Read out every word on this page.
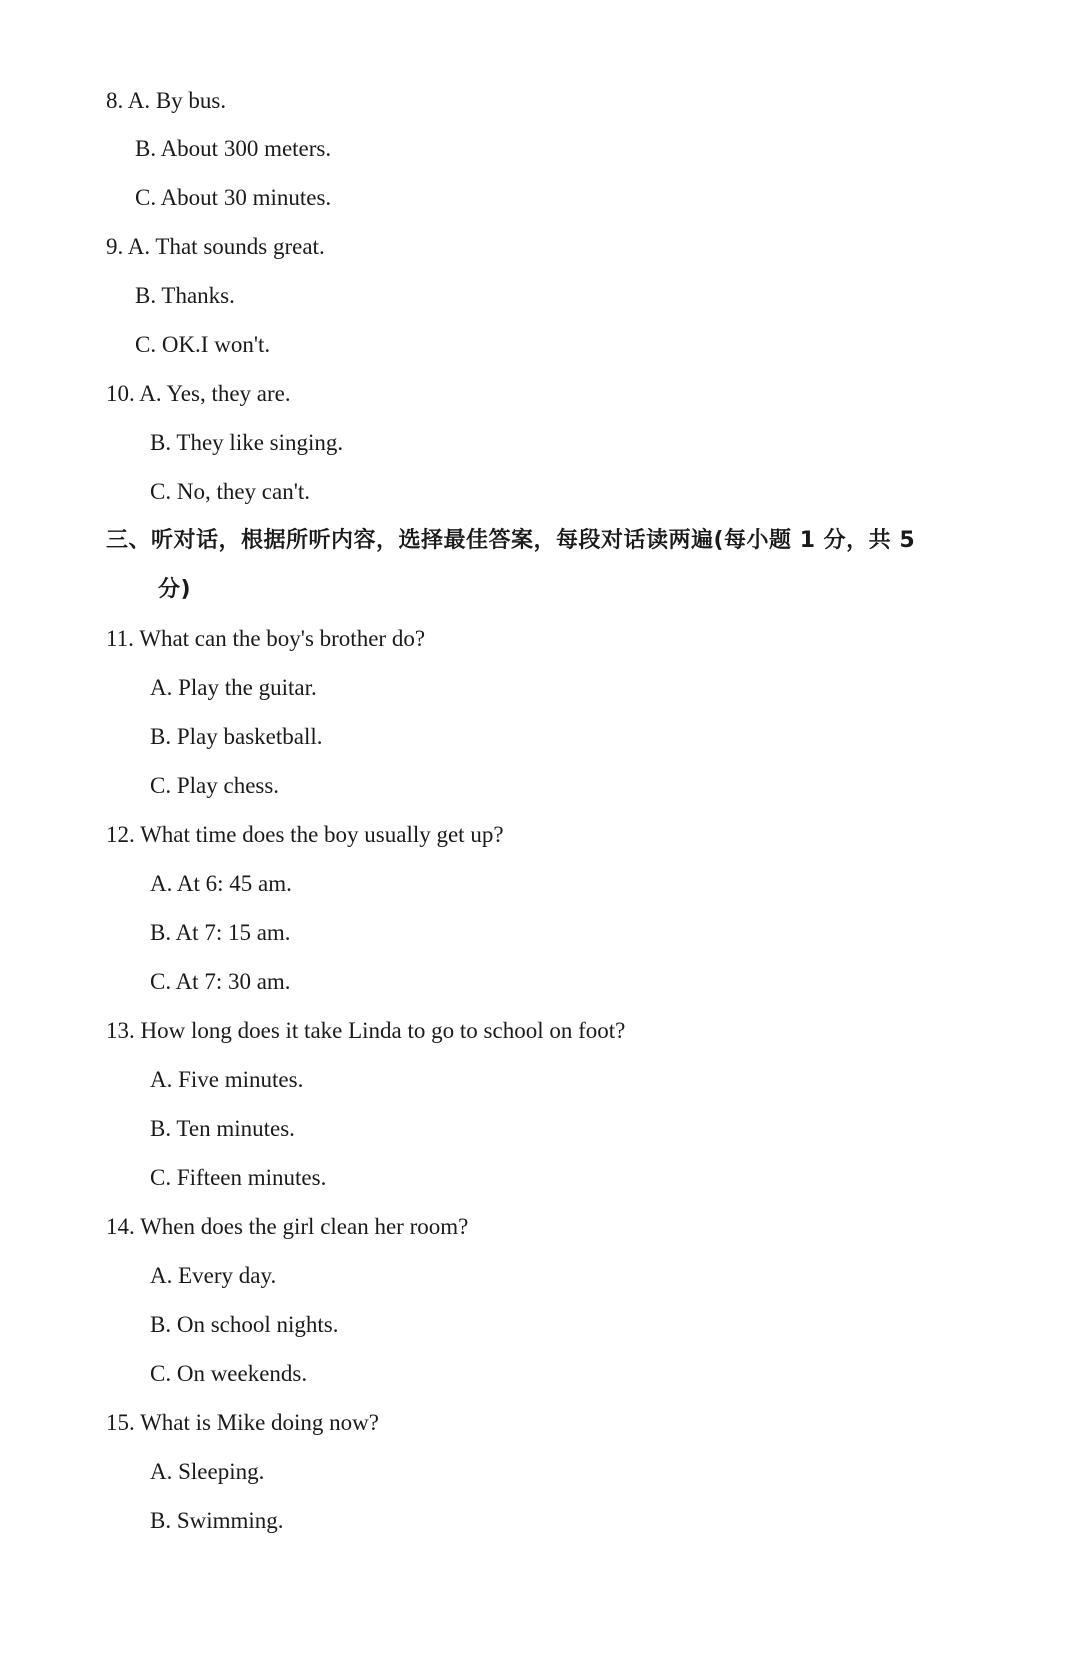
8. A. By bus.
B. About 300 meters.
C. About 30 minutes.
9. A. That sounds great.
B. Thanks.
C. OK.I won't.
10. A. Yes, they are.
B. They like singing.
C. No, they can't.
三、听对话，根据所听内容，选择最佳答案，每段对话读两遍(每小题 1 分，共 5
分)
11. What can the boy's brother do?
A. Play the guitar.
B. Play basketball.
C. Play chess.
12. What time does the boy usually get up?
A. At 6: 45 am.
B. At 7: 15 am.
C. At 7: 30 am.
13. How long does it take Linda to go to school on foot?
A. Five minutes.
B. Ten minutes.
C. Fifteen minutes.
14. When does the girl clean her room?
A. Every day.
B. On school nights.
C. On weekends.
15. What is Mike doing now?
A. Sleeping.
B. Swimming.
